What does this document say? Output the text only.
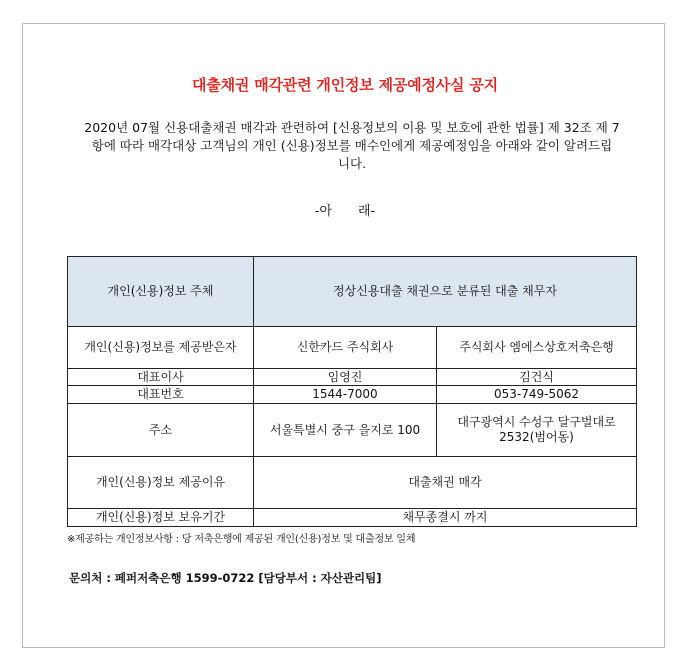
대출채권 매각관련 개인정보 제공예정사실 공지
2020년 07월 신용대출채권 매각과 관련하여 [신용정보의 이용 및 보호에 관한 법률] 제 32조 제 7
항에 따라 매각대상 고객님의 개인 (신용)정보를 매수인에게 제공예정임을 아래와 같이 알려드립
니다.
-아　　래-
개인(신용)정보 주체	정상신용대출 채권으로 분류된 대출 채무자	
개인(신용)정보를 제공받은자	신한카드 주식회사	주식회사 엠에스상호저축은행
대표이사	임영진	김건식
대표번호	1544-7000	053-749-5062
주소	서울특별시 중구 을지로 100	대구광역시 수성구 달구벌대로 2532(범어동)
개인(신용)정보 제공이유	대출채권 매각	
개인(신용)정보 보유기간	채무종결시 까지	
※제공하는 개인정보사항 : 당 저축은행에 제공된 개인(신용)정보 및 대출정보 일체
문의처 : 페퍼저축은행 1599-0722 [담당부서 : 자산관리팀]
